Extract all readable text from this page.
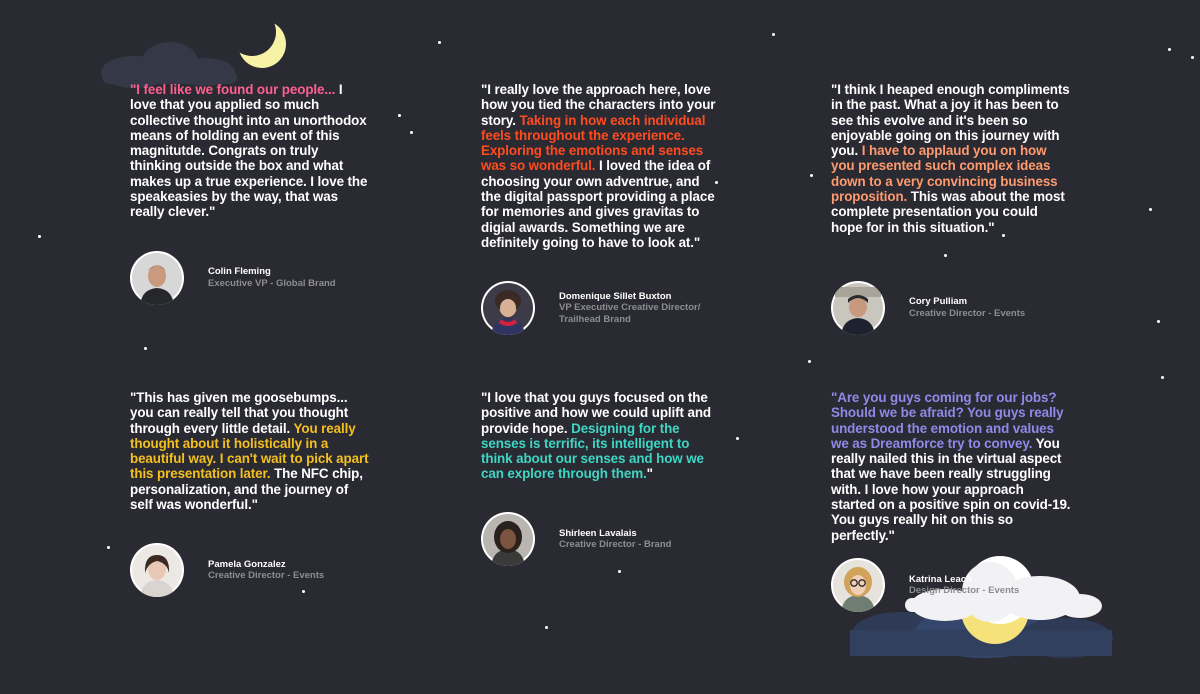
"I feel like we found our people... I love that you applied so much collective thought into an unorthodox means of holding an event of this magnitutde. Congrats on truly thinking outside the box and what makes up a true experience. I love the speakeasies by the way, that was really clever."

Colin Fleming
Executive VP - Global Brand

"I really love the approach here, love how you tied the characters into your story. Taking in how each individual feels throughout the experience. Exploring the emotions and senses was so wonderful. I loved the idea of choosing your own adventrue, and the digital passport providing a place for memories and gives gravitas to digial awards. Something we are definitely going to have to look at."

Domenique Sillet Buxton
VP Executive Creative Director/ Trailhead Brand

"I think I heaped enough compliments in the past. What a joy it has been to see this evolve and it's been so enjoyable going on this journey with you. I have to applaud you on how you presented such complex ideas down to a very convincing business proposition. This was about the most complete presentation you could hope for in this situation."

Cory Pulliam
Creative Director - Events

"This has given me goosebumps... you can really tell that you thought through every little detail. You really thought about it holistically in a beautiful way. I can't wait to pick apart this presentation later. The NFC chip, personalization, and the journey of self was wonderful."

Pamela Gonzalez
Creative Director - Events

"I love that you guys focused on the positive and how we could uplift and provide hope. Designing for the senses is terrific, its intelligent to think about our senses and how we can explore through them."

Shirleen Lavalais
Creative Director - Brand

"Are you guys coming for our jobs? Should we be afraid? You guys really understood the emotion and values we as Dreamforce try to convey. You really nailed this in the virtual aspect that we have been really struggling with. I love how your approach started on a positive spin on covid-19. You guys really hit on this so perfectly."

Katrina Leach
Design Director - Events
